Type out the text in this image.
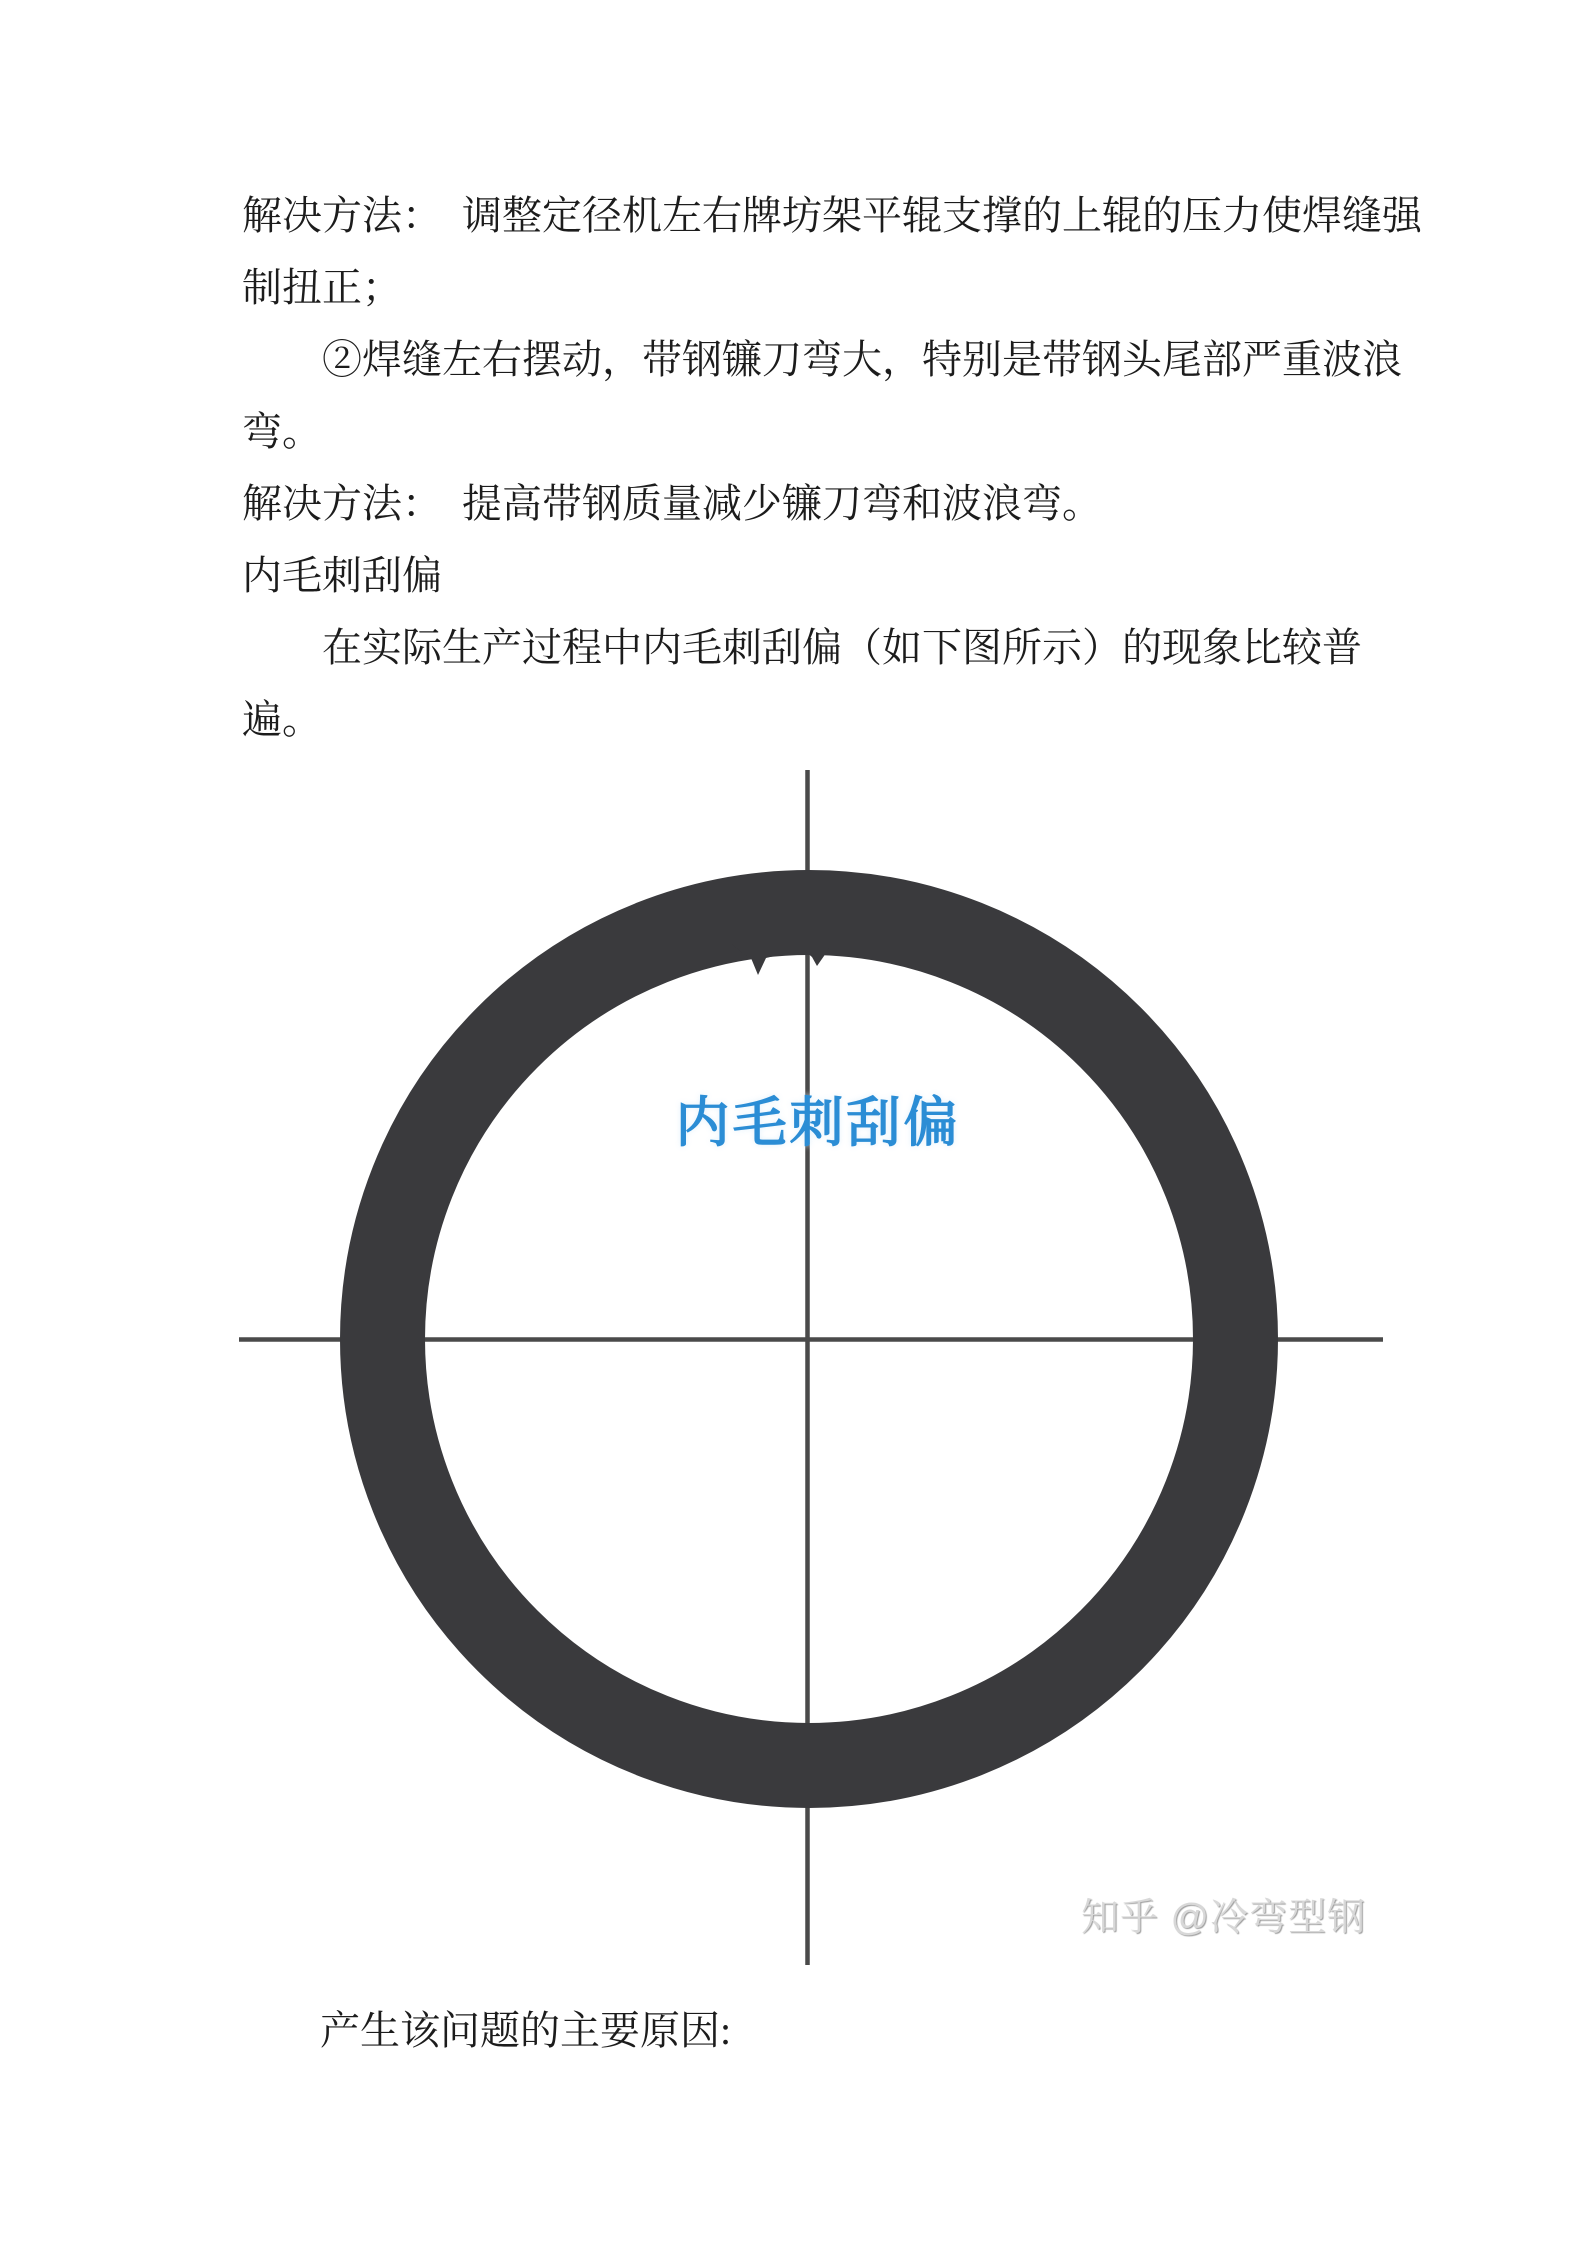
解决方法：　调整定径机左右牌坊架平辊支撑的上辊的压力使焊缝强
制扭正；
②焊缝左右摆动，带钢镰刀弯大，特别是带钢头尾部严重波浪
弯。
解决方法：　提高带钢质量减少镰刀弯和波浪弯。
内毛刺刮偏
在实际生产过程中内毛刺刮偏（如下图所示）的现象比较普
遍。
内毛刺刮偏
知乎 @冷弯型钢
产生该问题的主要原因:
